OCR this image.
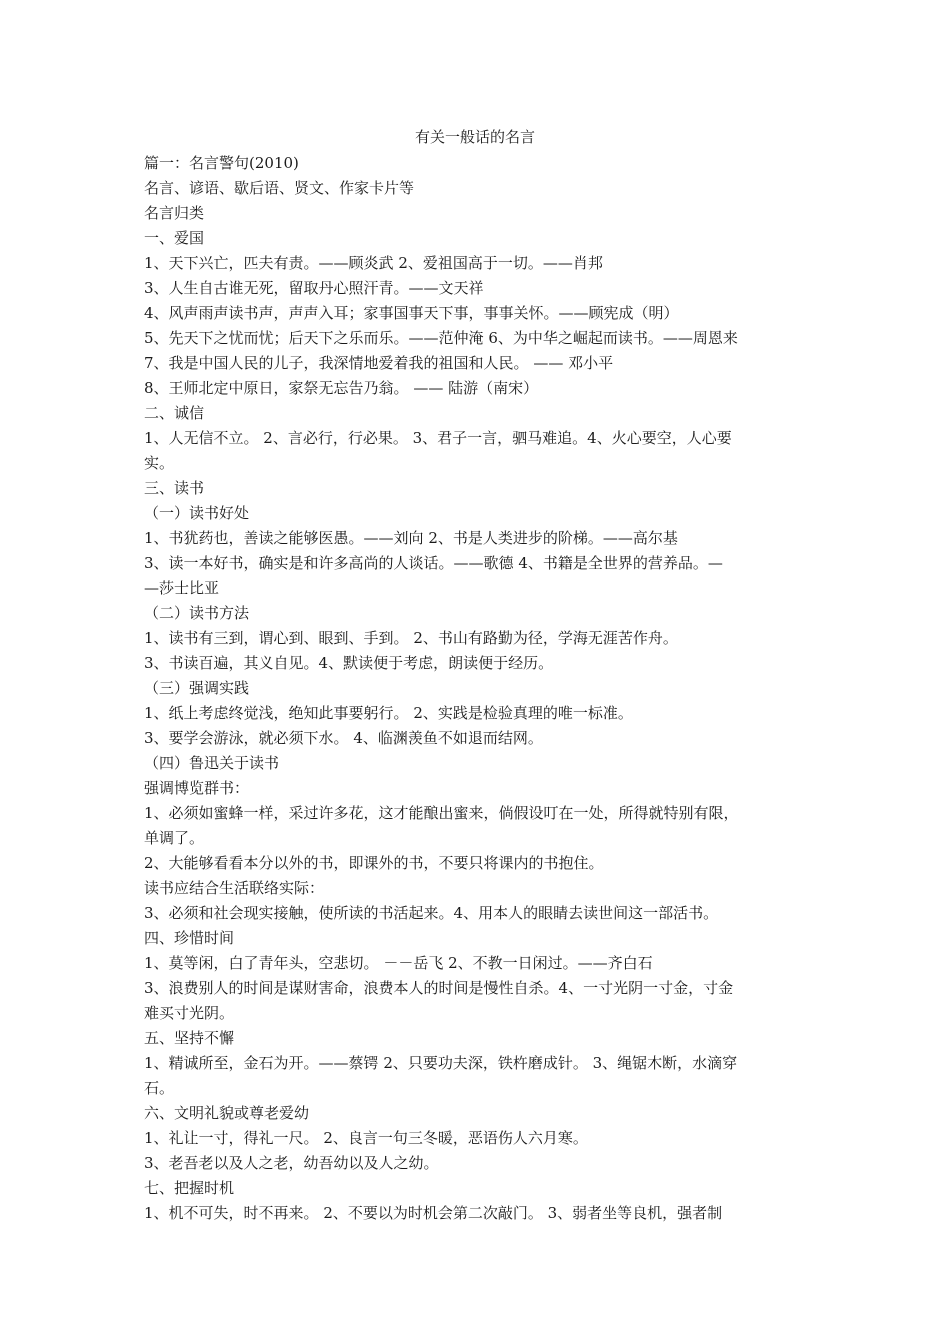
有关一般话的名言
篇一：名言警句(2010)
名言、谚语、歇后语、贤文、作家卡片等
名言归类
一、爱国
1、天下兴亡，匹夫有责。——顾炎武 2、爱祖国高于一切。——肖邦
3、人生自古谁无死，留取丹心照汗青。——文天祥
4、风声雨声读书声，声声入耳；家事国事天下事，事事关怀。——顾宪成（明）
5、先天下之忧而忧；后天下之乐而乐。——范仲淹 6、为中华之崛起而读书。——周恩来
7、我是中国人民的儿子，我深情地爱着我的祖国和人民。 —— 邓小平
8、王师北定中原日，家祭无忘告乃翁。 —— 陆游（南宋）
二、诚信
1、人无信不立。 2、言必行，行必果。 3、君子一言，驷马难追。4、火心要空，人心要
实。
三、读书
（一）读书好处
1、书犹药也，善读之能够医愚。——刘向 2、书是人类进步的阶梯。——高尔基
3、读一本好书，确实是和许多高尚的人谈话。——歌德 4、书籍是全世界的营养品。—
—莎士比亚
（二）读书方法
1、读书有三到，谓心到、眼到、手到。 2、书山有路勤为径，学海无涯苦作舟。
3、书读百遍，其义自见。4、默读便于考虑，朗读便于经历。
（三）强调实践
1、纸上考虑终觉浅，绝知此事要躬行。 2、实践是检验真理的唯一标准。
3、要学会游泳，就必须下水。 4、临渊羡鱼不如退而结网。
（四）鲁迅关于读书
强调博览群书：
1、必须如蜜蜂一样，采过许多花，这才能酿出蜜来，倘假设叮在一处，所得就特别有限，
单调了。
2、大能够看看本分以外的书，即课外的书，不要只将课内的书抱住。
读书应结合生活联络实际：
3、必须和社会现实接触，使所读的书活起来。4、用本人的眼睛去读世间这一部活书。
四、珍惜时间
1、莫等闲，白了青年头，空悲切。 －－岳飞 2、不教一日闲过。——齐白石
3、浪费别人的时间是谋财害命，浪费本人的时间是慢性自杀。4、一寸光阴一寸金，寸金
难买寸光阴。
五、坚持不懈
1、精诚所至，金石为开。——蔡锷 2、只要功夫深，铁杵磨成针。 3、绳锯木断，水滴穿
石。
六、文明礼貌或尊老爱幼
1、礼让一寸，得礼一尺。 2、良言一句三冬暖，恶语伤人六月寒。
3、老吾老以及人之老，幼吾幼以及人之幼。
七、把握时机
1、机不可失，时不再来。 2、不要以为时机会第二次敲门。 3、弱者坐等良机，强者制
